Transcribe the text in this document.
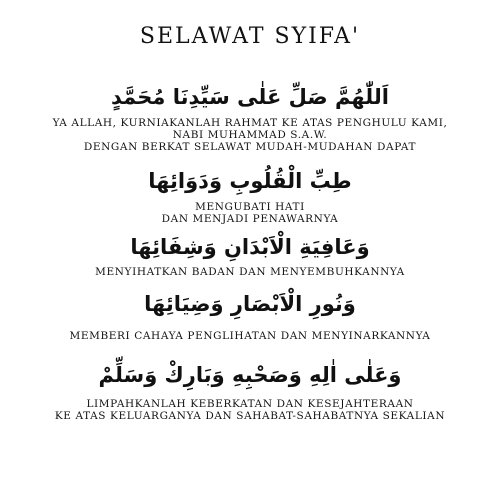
SELAWAT SYIFA'
اَللّٰهُمَّ صَلِّ عَلٰى سَيِّدِنَا مُحَمَّدٍ
YA ALLAH, KURNIAKANLAH RAHMAT KE ATAS PENGHULU KAMI,
NABI MUHAMMAD S.A.W.
DENGAN BERKAT SELAWAT MUDAH-MUDAHAN DAPAT
طِبِّ الْقُلُوبِ وَدَوَائِهَا
MENGUBATI HATI
DAN MENJADI PENAWARNYA
وَعَافِيَةِ الْاَبْدَانِ وَشِفَائِهَا
MENYIHATKAN BADAN DAN MENYEMBUHKANNYA
وَنُورِ الْاَبْصَارِ وَضِيَائِهَا
MEMBERI CAHAYA PENGLIHATAN DAN MENYINARKANNYA
وَعَلٰى اٰلِهِ وَصَحْبِهِ وَبَارِكْ وَسَلِّمْ
LIMPAHKANLAH KEBERKATAN DAN KESEJAHTERAAN
KE ATAS KELUARGANYA DAN SAHABAT-SAHABATNYA SEKALIAN
